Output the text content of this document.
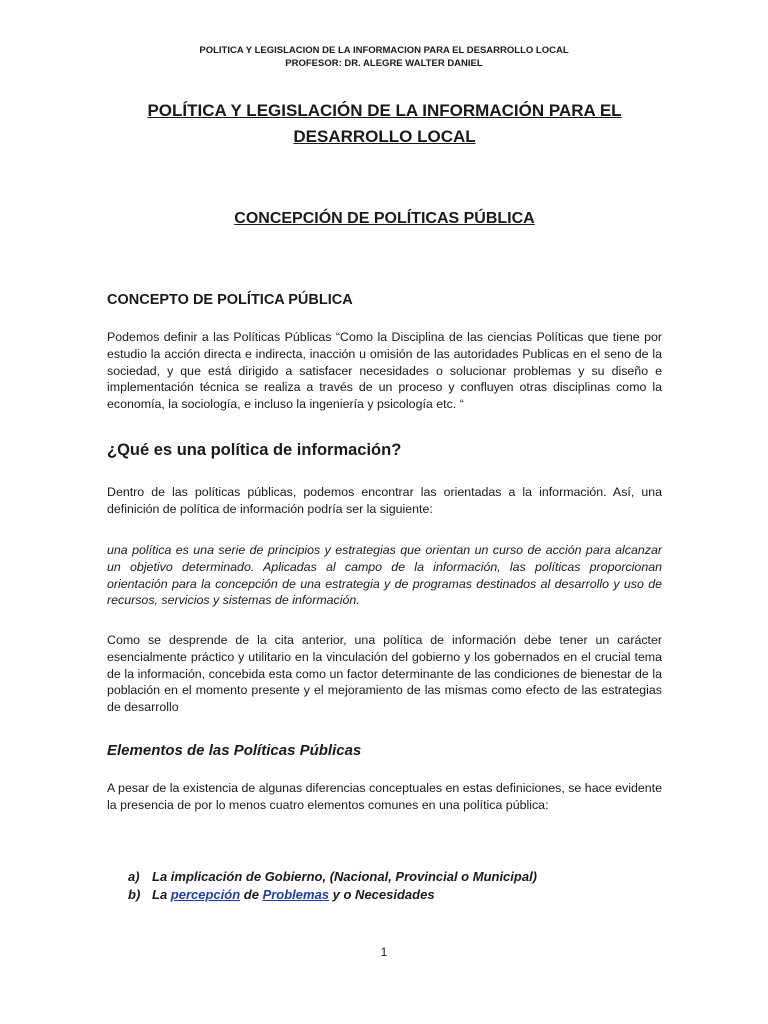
POLITICA Y LEGISLACION DE LA INFORMACION PARA EL DESARROLLO LOCAL
PROFESOR: DR. ALEGRE WALTER DANIEL
POLÍTICA Y LEGISLACIÓN DE LA INFORMACIÓN PARA EL
DESARROLLO LOCAL
CONCEPCIÓN DE POLÍTICAS PÚBLICA
CONCEPTO DE POLÍTICA PÚBLICA
Podemos definir a las Políticas Públicas “Como la Disciplina de las ciencias Políticas que tiene por estudio la acción directa e indirecta, inacción u omisión de las autoridades Publicas en el seno de la sociedad, y que está dirigido a satisfacer necesidades o solucionar problemas y su diseño e implementación técnica se realiza a través de un proceso y confluyen otras disciplinas como la economía, la sociología, e incluso la ingeniería y psicología etc. “
¿Qué es una política de información?
Dentro de las políticas públicas, podemos encontrar las orientadas a la información. Así, una definición de política de información podría ser la siguiente:
una política es una serie de principios y estrategias que orientan un curso de acción para alcanzar un objetivo determinado. Aplicadas al campo de la información, las políticas proporcionan orientación para la concepción de una estrategia y de programas destinados al desarrollo y uso de recursos, servicios y sistemas de información.
Como se desprende de la cita anterior, una política de información debe tener un carácter esencialmente práctico y utilitario en la vinculación del gobierno y los gobernados en el crucial tema de la información, concebida esta como un factor determinante de las condiciones de bienestar de la población en el momento presente y el mejoramiento de las mismas como efecto de las estrategias de desarrollo
Elementos de las Políticas Públicas
A pesar de la existencia de algunas diferencias conceptuales en estas definiciones, se hace evidente la presencia de por lo menos cuatro elementos comunes en una política pública:
a) La implicación de Gobierno, (Nacional, Provincial o Municipal)
b) La percepción de Problemas y o Necesidades
1
